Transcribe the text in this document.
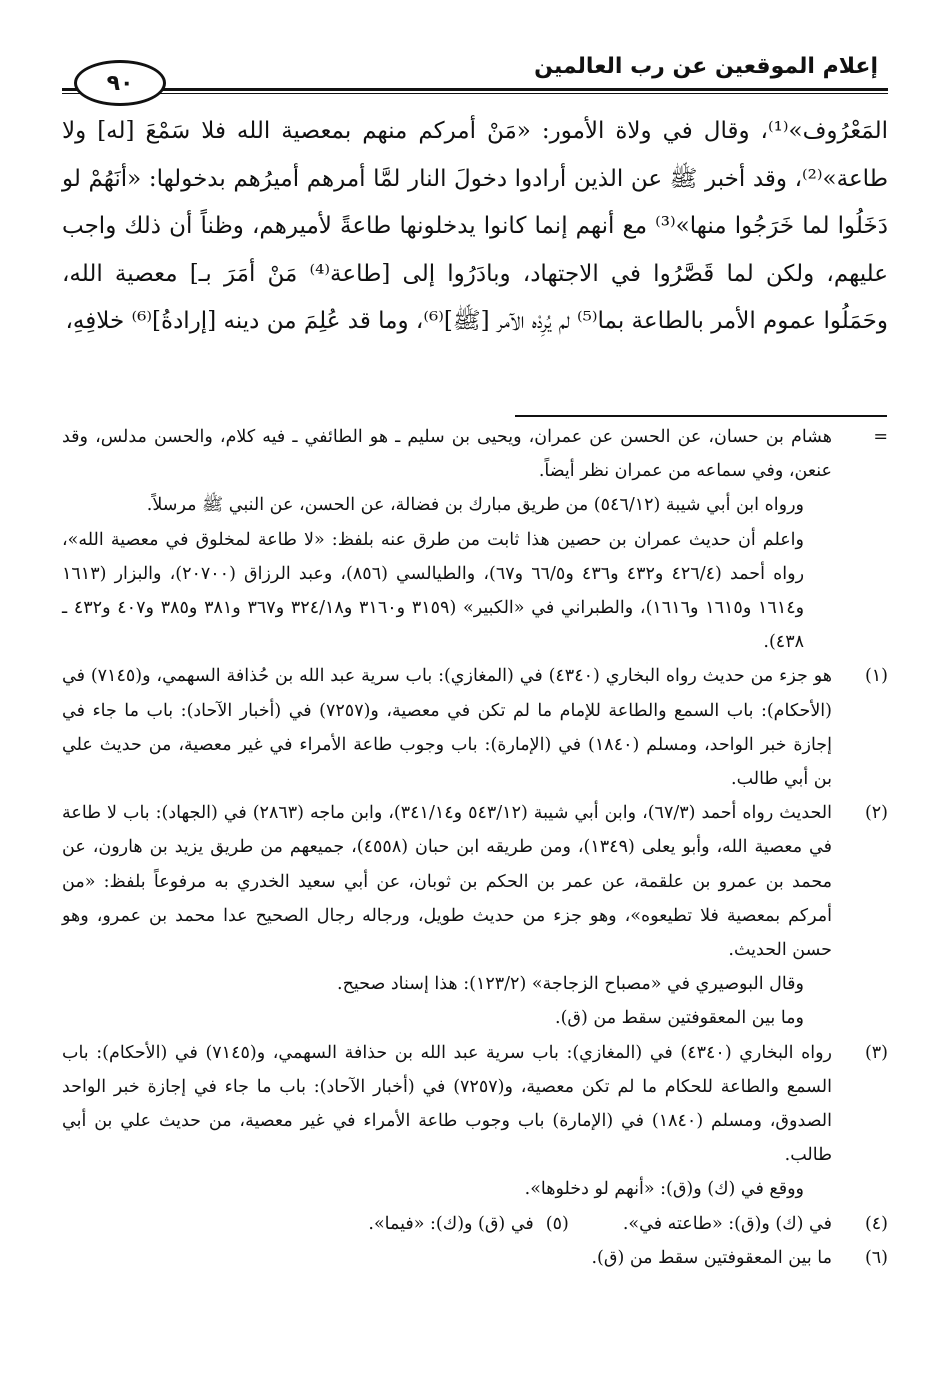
٩٠
إعلام الموقعين عن رب العالمين

المَعْرُوف»⁽¹⁾، وقال في ولاة الأمور: «مَنْ أمركم منهم بمعصية الله فلا سَمْعَ [له] ولا طاعة»⁽²⁾، وقد أخبر ﷺ عن الذين أرادوا دخولَ النار لمَّا أمرهم أميرُهم بدخولها: «أنَهُمْ لو دَخَلُوا لما خَرَجُوا منها»⁽³⁾ مع أنهم إنما كانوا يدخلونها طاعةً لأميرهم، وظناً أن ذلك واجب عليهم، ولكن لما قَصَّرُوا في الاجتهاد، وبادَرُوا إلى [طاعة⁽⁴⁾ مَنْ أمَرَ بـ] معصية الله، وحَمَلُوا عموم الأمر بالطاعة بما⁽⁵⁾ لم يُرِدْه الآمر [ﷺ]⁽⁶⁾، وما قد عُلِمَ من دينه [إرادةُ]⁽⁶⁾ خلافِهِ،

=
هشام بن حسان، عن الحسن عن عمران، ويحيى بن سليم ـ هو الطائفي ـ فيه كلام، والحسن مدلس، وقد عنعن، وفي سماعه من عمران نظر أيضاً.
ورواه ابن أبي شيبة (٥٤٦/١٢) من طريق مبارك بن فضالة، عن الحسن، عن النبي ﷺ مرسلاً.
واعلم أن حديث عمران بن حصين هذا ثابت من طرق عنه بلفظ: «لا طاعة لمخلوق في معصية الله»، رواه أحمد (٤٢٦/٤ و٤٣٢ و٤٣٦ و٦٦/٥ و٦٧)، والطيالسي (٨٥٦)، وعبد الرزاق (٢٠٧٠٠)، والبزار (١٦١٣ و١٦١٤ و١٦١٥ و١٦١٦)، والطبراني في «الكبير» (٣١٥٩ و٣١٦٠ و٣٢٤/١٨ و٣٦٧ و٣٨١ و٣٨٥ و٤٠٧ و٤٣٢ ـ ٤٣٨).
(١)
هو جزء من حديث رواه البخاري (٤٣٤٠) في (المغازي): باب سرية عبد الله بن حُذافة السهمي، و(٧١٤٥) في (الأحكام): باب السمع والطاعة للإمام ما لم تكن في معصية، و(٧٢٥٧) في (أخبار الآحاد): باب ما جاء في إجازة خبر الواحد، ومسلم (١٨٤٠) في (الإمارة): باب وجوب طاعة الأمراء في غير معصية، من حديث علي بن أبي طالب.
(٢)
الحديث رواه أحمد (٦٧/٣)، وابن أبي شيبة (٥٤٣/١٢ و٣٤١/١٤)، وابن ماجه (٢٨٦٣) في (الجهاد): باب لا طاعة في معصية الله، وأبو يعلى (١٣٤٩)، ومن طريقه ابن حبان (٤٥٥٨)، جميعهم من طريق يزيد بن هارون، عن محمد بن عمرو بن علقمة، عن عمر بن الحكم بن ثوبان، عن أبي سعيد الخدري به مرفوعاً بلفظ: «من أمركم بمعصية فلا تطيعوه»، وهو جزء من حديث طويل، ورجاله رجال الصحيح عدا محمد بن عمرو، وهو حسن الحديث.
وقال البوصيري في «مصباح الزجاجة» (١٢٣/٢): هذا إسناد صحيح.
وما بين المعقوفتين سقط من (ق).
(٣)
رواه البخاري (٤٣٤٠) في (المغازي): باب سرية عبد الله بن حذافة السهمي، و(٧١٤٥) في (الأحكام): باب السمع والطاعة للحكام ما لم تكن معصية، و(٧٢٥٧) في (أخبار الآحاد): باب ما جاء في إجازة خبر الواحد الصدوق، ومسلم (١٨٤٠) في (الإمارة) باب وجوب طاعة الأمراء في غير معصية، من حديث علي بن أبي طالب.
ووقع في (ك) و(ق): «أنهم لو دخلوها».
(٤)
في (ك) و(ق): «طاعته في».
(٥)
في (ق) و(ك): «فيما».
(٦)
ما بين المعقوفتين سقط من (ق).
